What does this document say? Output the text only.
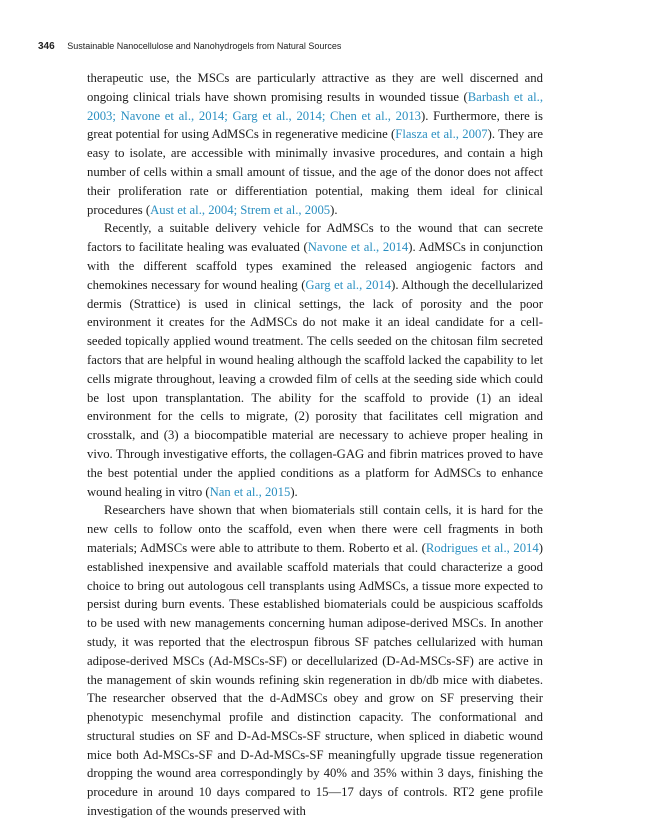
346 Sustainable Nanocellulose and Nanohydrogels from Natural Sources

therapeutic use, the MSCs are particularly attractive as they are well discerned and ongoing clinical trials have shown promising results in wounded tissue (Barbash et al., 2003; Navone et al., 2014; Garg et al., 2014; Chen et al., 2013). Furthermore, there is great potential for using AdMSCs in regenerative medicine (Flasza et al., 2007). They are easy to isolate, are accessible with minimally invasive procedures, and contain a high number of cells within a small amount of tissue, and the age of the donor does not affect their proliferation rate or differentiation potential, making them ideal for clinical procedures (Aust et al., 2004; Strem et al., 2005).

Recently, a suitable delivery vehicle for AdMSCs to the wound that can secrete factors to facilitate healing was evaluated (Navone et al., 2014). AdMSCs in conjunction with the different scaffold types examined the released angiogenic factors and chemokines necessary for wound healing (Garg et al., 2014). Although the decellularized dermis (Strattice) is used in clinical settings, the lack of porosity and the poor environment it creates for the AdMSCs do not make it an ideal candidate for a cell-seeded topically applied wound treatment. The cells seeded on the chitosan film secreted factors that are helpful in wound healing although the scaffold lacked the capability to let cells migrate throughout, leaving a crowded film of cells at the seeding side which could be lost upon transplantation. The ability for the scaffold to provide (1) an ideal environment for the cells to migrate, (2) porosity that facilitates cell migration and crosstalk, and (3) a biocompatible material are necessary to achieve proper healing in vivo. Through investigative efforts, the collagen-GAG and fibrin matrices proved to have the best potential under the applied conditions as a platform for AdMSCs to enhance wound healing in vitro (Nan et al., 2015).

Researchers have shown that when biomaterials still contain cells, it is hard for the new cells to follow onto the scaffold, even when there were cell fragments in both materials; AdMSCs were able to attribute to them. Roberto et al. (Rodrigues et al., 2014) established inexpensive and available scaffold materials that could characterize a good choice to bring out autologous cell transplants using AdMSCs, a tissue more expected to persist during burn events. These established biomaterials could be auspicious scaffolds to be used with new managements concerning human adipose-derived MSCs. In another study, it was reported that the electrospun fibrous SF patches cellularized with human adipose-derived MSCs (Ad-MSCs-SF) or decellularized (D-Ad-MSCs-SF) are active in the management of skin wounds refining skin regeneration in db/db mice with diabetes. The researcher observed that the d-AdMSCs obey and grow on SF preserving their phenotypic mesenchymal profile and distinction capacity. The conformational and structural studies on SF and D-Ad-MSCs-SF structure, when spliced in diabetic wound mice both Ad-MSCs-SF and D-Ad-MSCs-SF meaningfully upgrade tissue regeneration dropping the wound area correspondingly by 40% and 35% within 3 days, finishing the procedure in around 10 days compared to 15—17 days of controls. RT2 gene profile investigation of the wounds preserved with
